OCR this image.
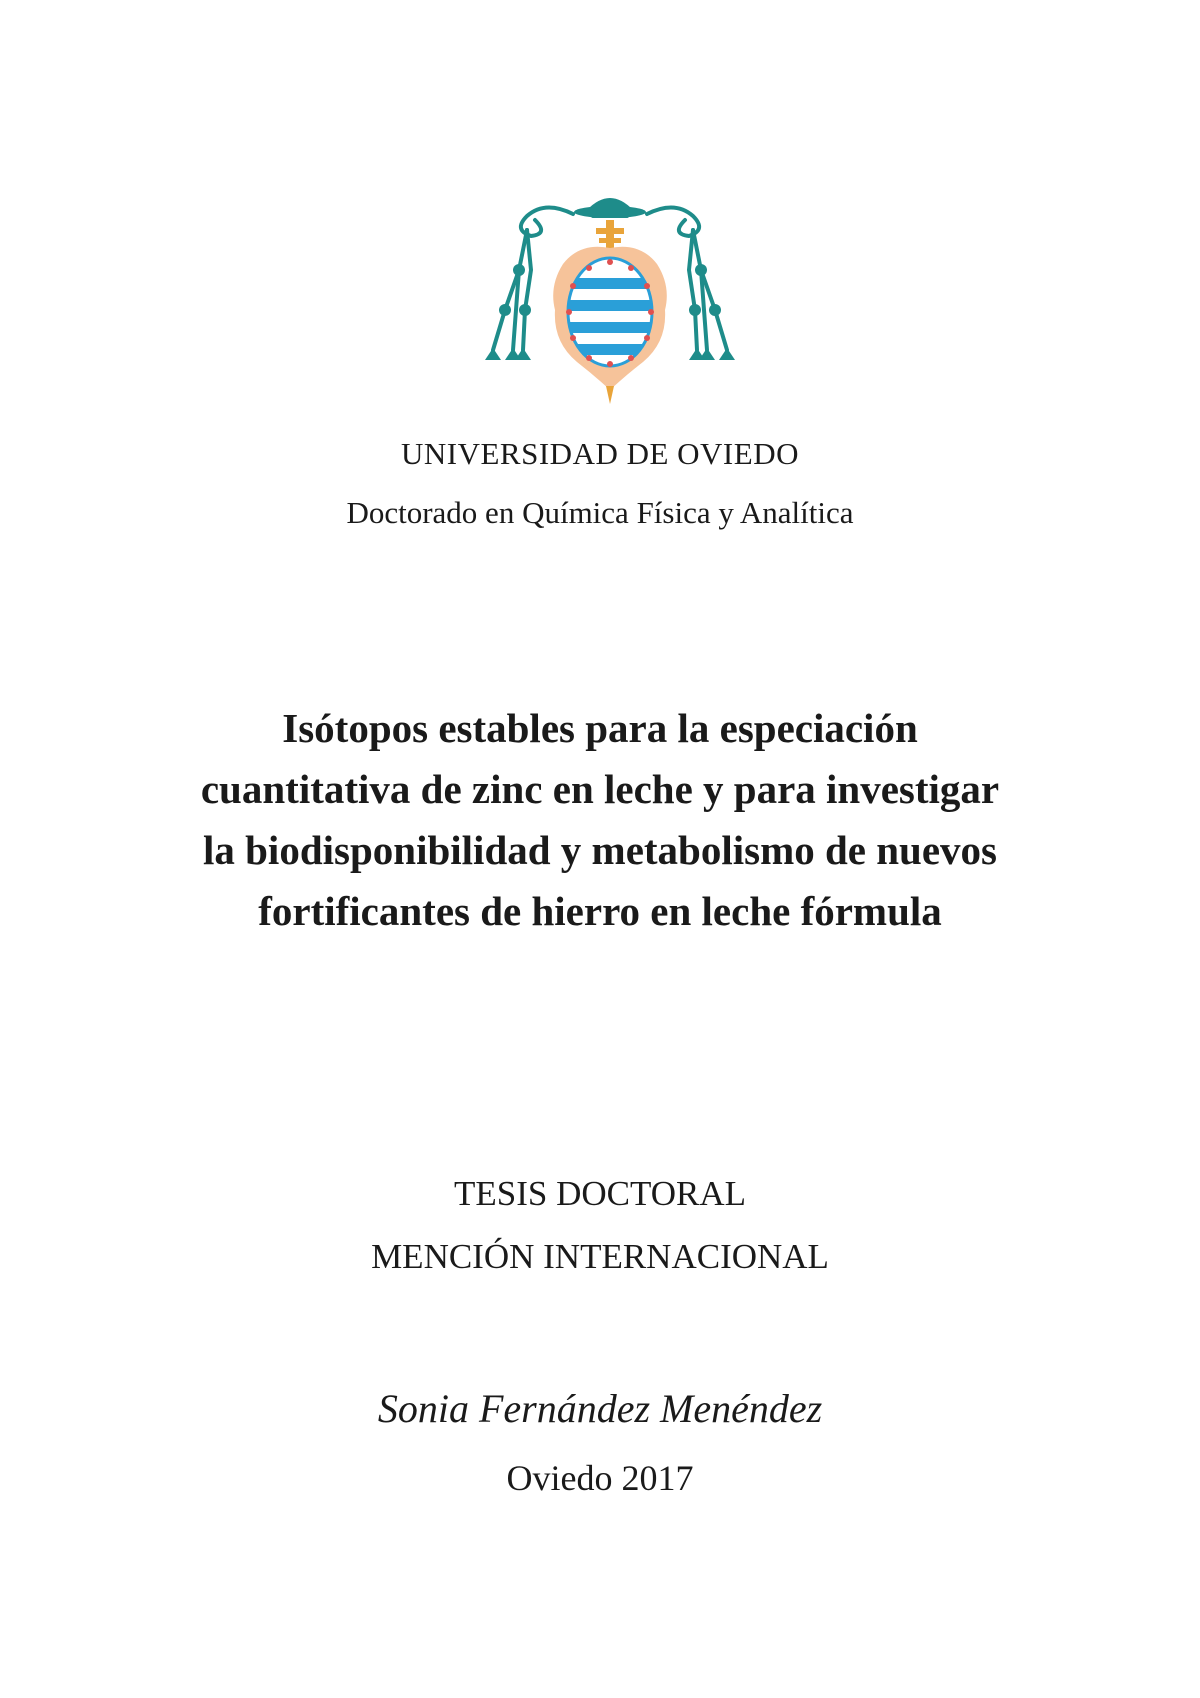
UNIVERSIDAD DE OVIEDO
Doctorado en Química Física y Analítica
Isótopos estables para la especiación
cuantitativa de zinc en leche y para investigar
la biodisponibilidad y metabolismo de nuevos
fortificantes de hierro en leche fórmula
TESIS DOCTORAL
MENCIÓN INTERNACIONAL
Sonia Fernández Menéndez
Oviedo 2017
